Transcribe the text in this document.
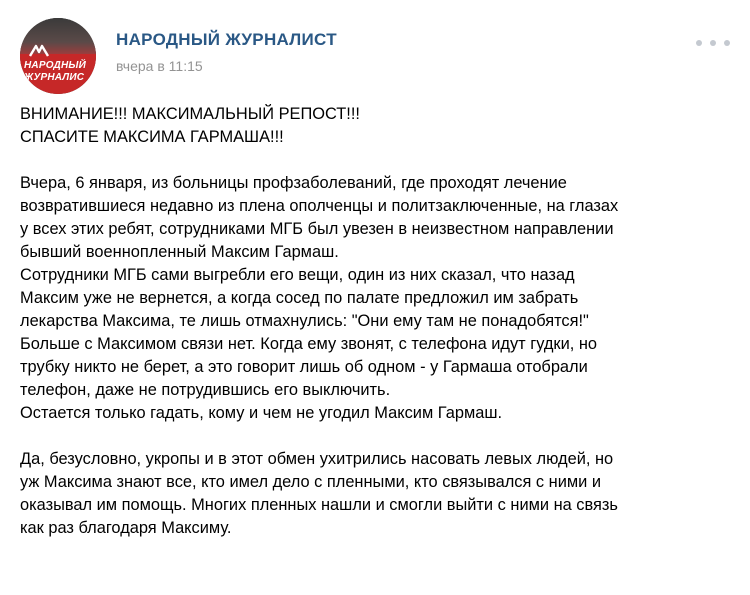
НАРОДНЫЙ
ЖУРНАЛИС
НАРОДНЫЙ ЖУРНАЛИСТ
вчера в 11:15

ВНИМАНИЕ!!! МАКСИМАЛЬНЫЙ РЕПОСТ!!!

СПАСИТЕ МАКСИМА ГАРМАША!!!

Вчера, 6 января, из больницы профзаболеваний, где проходят лечение

возвратившиеся недавно из плена ополченцы и политзаключенные, на глазах

у всех этих ребят, сотрудниками МГБ был увезен в неизвестном направлении

бывший военнопленный Максим Гармаш.

Сотрудники МГБ сами выгребли его вещи, один из них сказал, что назад

Максим уже не вернется, а когда сосед по палате предложил им забрать

лекарства Максима, те лишь отмахнулись: "Они ему там не понадобятся!"

Больше с Максимом связи нет. Когда ему звонят, с телефона идут гудки, но

трубку никто не берет, а это говорит лишь об одном - у Гармаша отобрали

телефон, даже не потрудившись его выключить.

Остается только гадать, кому и чем не угодил Максим Гармаш.

Да, безусловно, укропы и в этот обмен ухитрились насовать левых людей, но

уж Максима знают все, кто имел дело с пленными, кто связывался с ними и

оказывал им помощь. Многих пленных нашли и смогли выйти с ними на связь

как раз благодаря Максиму.
